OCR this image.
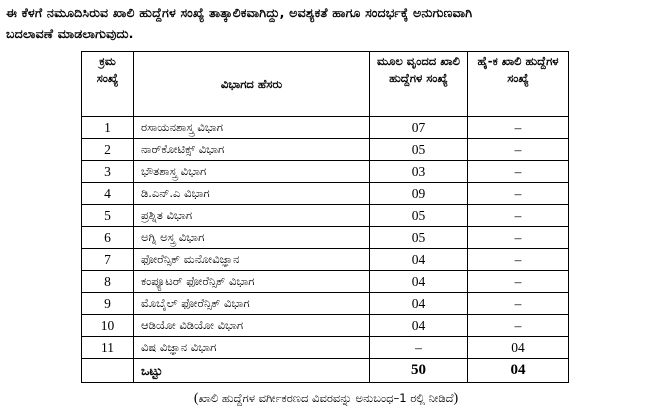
ಈ ಕೆಳಗೆ ನಮೂದಿಸಿರುವ ಖಾಲಿ ಹುದ್ದೆಗಳ ಸಂಖ್ಯೆ ತಾತ್ಕಾಲಿಕವಾಗಿದ್ದು, ಅವಶ್ಯಕತೆ ಹಾಗೂ ಸಂದರ್ಭಕ್ಕೆ ಅನುಗುಣವಾಗಿ
ಬದಲಾವಣೆ ಮಾಡಲಾಗುವುದು.
ಕ್ರಮ ಸಂಖ್ಯೆ	ವಿಭಾಗದ ಹೆಸರು	ಮೂಲ ವೃಂದದ ಖಾಲಿ ಹುದ್ದೆಗಳ ಸಂಖ್ಯೆ	ಹೈ-ಕ ಖಾಲಿ ಹುದ್ದೆಗಳ ಸಂಖ್ಯೆ
1	ರಸಾಯನಶಾಸ್ತ್ರ ವಿಭಾಗ	07	–
2	ನಾರ್‌ಕೋಟಿಕ್ಸ್ ವಿಭಾಗ	05	–
3	ಭೌತಶಾಸ್ತ್ರ ವಿಭಾಗ	03	–
4	ಡಿ.ಎನ್.ಎ ವಿಭಾಗ	09	–
5	ಪ್ರಶ್ನಿತ ವಿಭಾಗ	05	–
6	ಅಗ್ನಿ ಅಸ್ತ್ರ ವಿಭಾಗ	05	–
7	ಫೋರೆನ್ಸಿಕ್ ಮನೋವಿಜ್ಞಾನ	04	–
8	ಕಂಪ್ಯೂಟರ್ ಫೋರೆನ್ಸಿಕ್ ವಿಭಾಗ	04	–
9	ಮೊಬೈಲ್ ಫೋರೆನ್ಸಿಕ್ ವಿಭಾಗ	04	–
10	ಆಡಿಯೋ ವಿಡಿಯೋ ವಿಭಾಗ	04	–
11	ವಿಷ ವಿಜ್ಞಾನ ವಿಭಾಗ	–	04
	ಒಟ್ಟು	50	04
(ಖಾಲಿ ಹುದ್ದೆಗಳ ವರ್ಗೀಕರಣದ ವಿವರವನ್ನು ಅನುಬಂಧ–1 ರಲ್ಲಿ ನೀಡಿದೆ)
